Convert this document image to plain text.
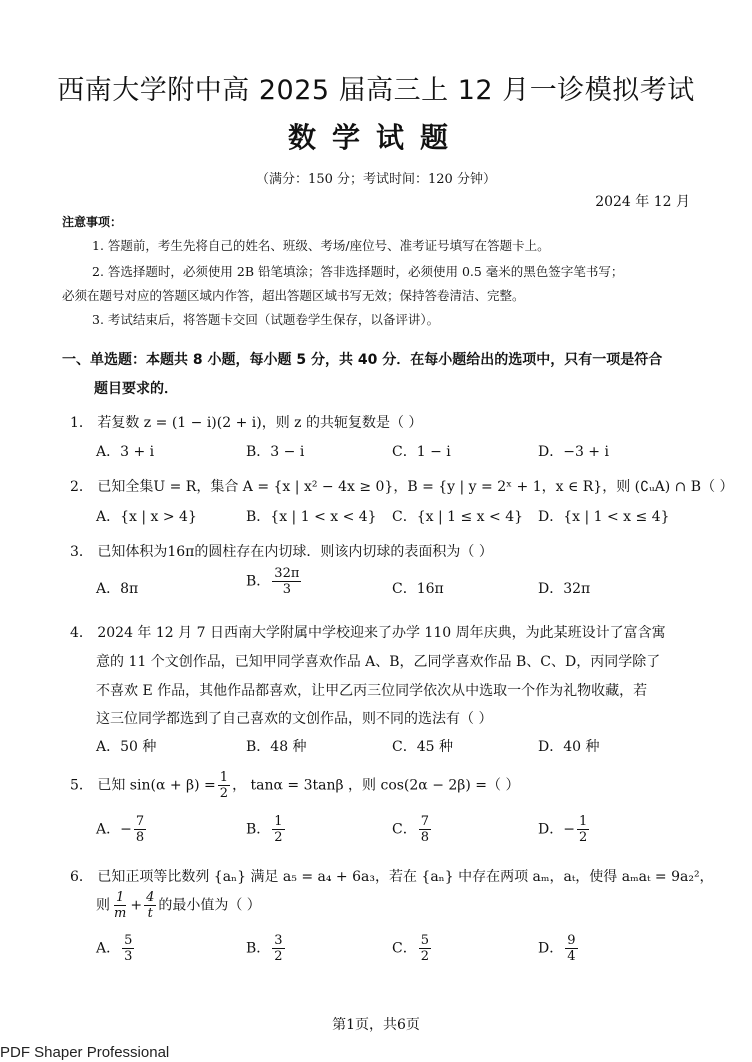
西南大学附中高 2025 届高三上 12 月一诊模拟考试
数学试题
（满分：150 分；考试时间：120 分钟）
2024 年 12 月
注意事项：
1. 答题前，考生先将自己的姓名、班级、考场/座位号、准考证号填写在答题卡上。
2. 答选择题时，必须使用 2B 铅笔填涂；答非选择题时，必须使用 0.5 毫米的黑色签字笔书写；
必须在题号对应的答题区域内作答，超出答题区域书写无效；保持答卷清洁、完整。
3. 考试结束后，将答题卡交回（试题卷学生保存，以备评讲）。
一、单选题：本题共 8 小题，每小题 5 分，共 40 分．在每小题给出的选项中，只有一项是符合
题目要求的．
1． 若复数 z = (1 − i)(2 + i)，则 z 的共轭复数是（ ）
A．3 + i	B．3 − i	C．1 − i	D．−3 + i
2． 已知全集U = R，集合 A = {x | x² − 4x ≥ 0}，B = {y | y = 2ˣ + 1，x ∈ R}，则 (∁ᵤA) ∩ B（ ）
A．{x | x > 4}	B．{x | 1 < x < 4} C．{x | 1 ≤ x < 4} D．{x | 1 < x ≤ 4}
3． 已知体积为16π的圆柱存在内切球．则该内切球的表面积为（ ）
A．8π	B． $\frac{32\pi}{3}$	C．16π	D．32π
4． 2024 年 12 月 7 日西南大学附属中学校迎来了办学 110 周年庆典，为此某班设计了富含寓
意的 11 个文创作品，已知甲同学喜欢作品 A、B，乙同学喜欢作品 B、C、D，丙同学除了
不喜欢 E 作品，其他作品都喜欢，让甲乙丙三位同学依次从中选取一个作为礼物收藏，若
这三位同学都选到了自己喜欢的文创作品，则不同的选法有（ ）
A．50 种	B．48 种	C．45 种	D．40 种
5． 已知 $\sin(\alpha + \beta) = \frac{1}{2}$ ， tanα = 3tanβ ，则 cos(2α − 2β) =（ ）
A．− $\frac{7}{8}$	B． $\frac{1}{2}$	C． $\frac{7}{8}$	D．− $\frac{1}{2}$
6． 已知正项等比数列 {aₙ} 满足 a₅ = a₄ + 6a₃，若在 {aₙ} 中存在两项 aₘ，aₜ，使得 aₘaₜ = 9a₂²，
则 $\frac{1}{m} + \frac{4}{t}$ 的最小值为（ ）
A． $\frac{5}{3}$	B． $\frac{3}{2}$	C． $\frac{5}{2}$	D． $\frac{9}{4}$
第1页，共6页
PDF Shaper Professional
